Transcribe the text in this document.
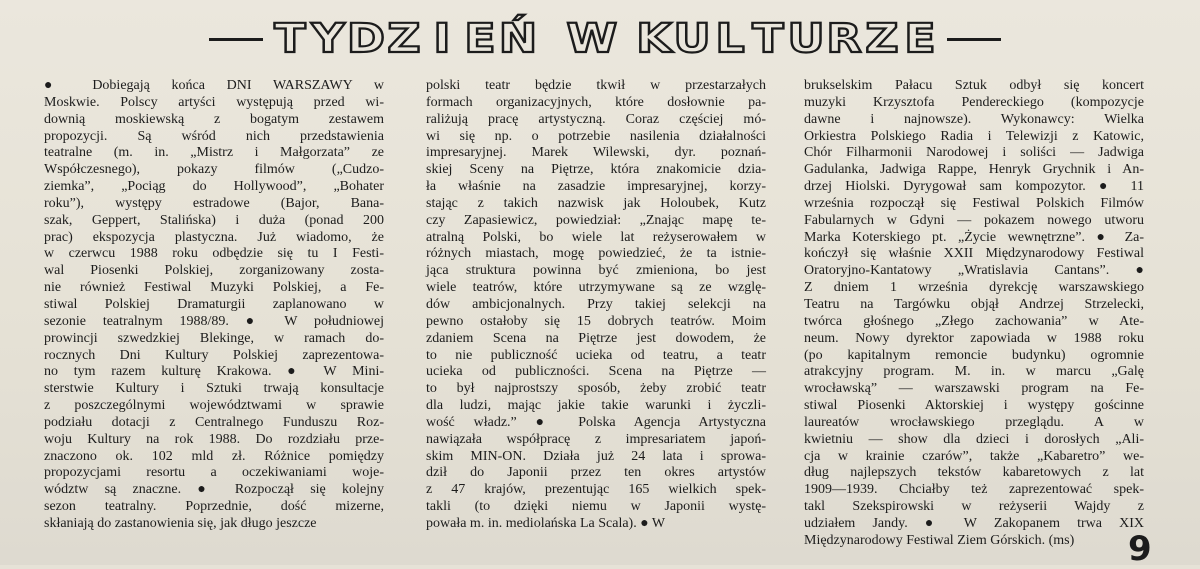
T Y D Z I E Ń W K U L T U R Z E
● Dobiegają końca DNI WARSZAWY w
Moskwie. Polscy artyści występują przed wi-
downią moskiewską z bogatym zestawem
propozycji. Są wśród nich przedstawienia
teatralne (m. in. „Mistrz i Małgorzata” ze
Współczesnego), pokazy filmów („Cudzo-
ziemka”, „Pociąg do Hollywood”, „Bohater
roku”), występy estradowe (Bajor, Bana-
szak, Geppert, Stalińska) i duża (ponad 200
prac) ekspozycja plastyczna. Już wiadomo, że
w czerwcu 1988 roku odbędzie się tu I Festi-
wal Piosenki Polskiej, zorganizowany zosta-
nie również Festiwal Muzyki Polskiej, a Fe-
stiwal Polskiej Dramaturgii zaplanowano w
sezonie teatralnym 1988/89. ● W południowej
prowincji szwedzkiej Blekinge, w ramach do-
rocznych Dni Kultury Polskiej zaprezentowa-
no tym razem kulturę Krakowa. ● W Mini-
sterstwie Kultury i Sztuki trwają konsultacje
z poszczególnymi województwami w sprawie
podziału dotacji z Centralnego Funduszu Roz-
woju Kultury na rok 1988. Do rozdziału prze-
znaczono ok. 102 mld zł. Różnice pomiędzy
propozycjami resortu a oczekiwaniami woje-
wództw są znaczne. ● Rozpoczął się kolejny
sezon teatralny. Poprzednie, dość mizerne,
skłaniają do zastanowienia się, jak długo jeszcze
polski teatr będzie tkwił w przestarzałych
formach organizacyjnych, które dosłownie pa-
raliżują pracę artystyczną. Coraz częściej mó-
wi się np. o potrzebie nasilenia działalności
impresaryjnej. Marek Wilewski, dyr. poznań-
skiej Sceny na Piętrze, która znakomicie dzia-
ła właśnie na zasadzie impresaryjnej, korzy-
stając z takich nazwisk jak Holoubek, Kutz
czy Zapasiewicz, powiedział: „Znając mapę te-
atralną Polski, bo wiele lat reżyserowałem w
różnych miastach, mogę powiedzieć, że ta istnie-
jąca struktura powinna być zmieniona, bo jest
wiele teatrów, które utrzymywane są ze wzglę-
dów ambicjonalnych. Przy takiej selekcji na
pewno ostałoby się 15 dobrych teatrów. Moim
zdaniem Scena na Piętrze jest dowodem, że
to nie publiczność ucieka od teatru, a teatr
ucieka od publiczności. Scena na Piętrze —
to był najprostszy sposób, żeby zrobić teatr
dla ludzi, mając jakie takie warunki i życzli-
wość władz.” ● Polska Agencja Artystyczna
nawiązała współpracę z impresariatem japoń-
skim MIN-ON. Działa już 24 lata i sprowa-
dził do Japonii przez ten okres artystów
z 47 krajów, prezentując 165 wielkich spek-
takli (to dzięki niemu w Japonii wystę-
powała m. in. mediolańska La Scala). ● W
brukselskim Pałacu Sztuk odbył się koncert
muzyki Krzysztofa Pendereckiego (kompozycje
dawne i najnowsze). Wykonawcy: Wielka
Orkiestra Polskiego Radia i Telewizji z Katowic,
Chór Filharmonii Narodowej i soliści — Jadwiga
Gadulanka, Jadwiga Rappe, Henryk Grychnik i An-
drzej Hiolski. Dyrygował sam kompozytor. ● 11
września rozpoczął się Festiwal Polskich Filmów
Fabularnych w Gdyni — pokazem nowego utworu
Marka Koterskiego pt. „Życie wewnętrzne”. ● Za-
kończył się właśnie XXII Międzynarodowy Festiwal
Oratoryjno-Kantatowy „Wratislavia Cantans”. ●
Z dniem 1 września dyrekcję warszawskiego
Teatru na Targówku objął Andrzej Strzelecki,
twórca głośnego „Złego zachowania” w Ate-
neum. Nowy dyrektor zapowiada w 1988 roku
(po kapitalnym remoncie budynku) ogromnie
atrakcyjny program. M. in. w marcu „Galę
wrocławską” — warszawski program na Fe-
stiwal Piosenki Aktorskiej i występy gościnne
laureatów wrocławskiego przeglądu. A w
kwietniu — show dla dzieci i dorosłych „Ali-
cja w krainie czarów”, także „Kabaretro” we-
dług najlepszych tekstów kabaretowych z lat
1909—1939. Chciałby też zaprezentować spek-
takl Szekspirowski w reżyserii Wajdy z
udziałem Jandy. ● W Zakopanem trwa XIX
Międzynarodowy Festiwal Ziem Górskich. (ms)	9
